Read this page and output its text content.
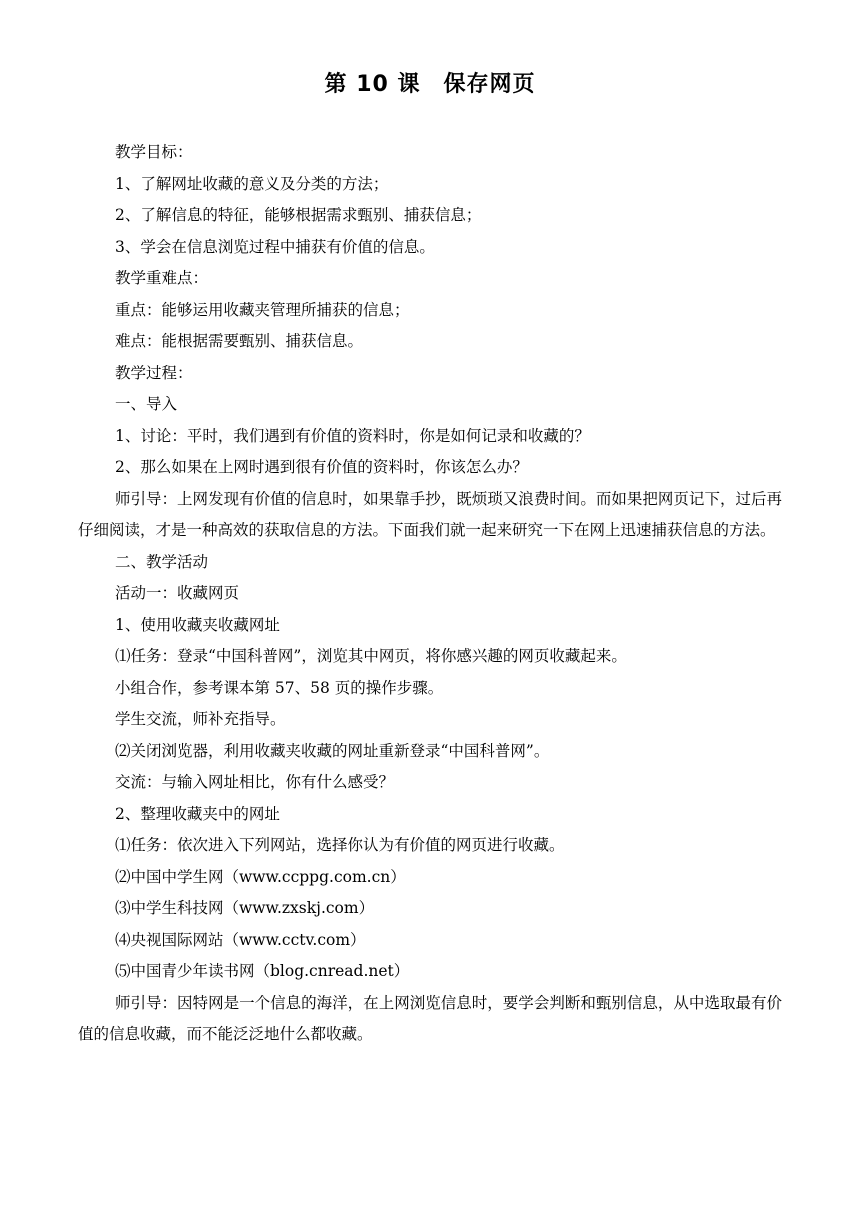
第 10 课　保存网页
教学目标：
1、了解网址收藏的意义及分类的方法；
2、了解信息的特征，能够根据需求甄别、捕获信息；
3、学会在信息浏览过程中捕获有价值的信息。
教学重难点：
重点：能够运用收藏夹管理所捕获的信息；
难点：能根据需要甄别、捕获信息。
教学过程：
一、导入
1、讨论：平时，我们遇到有价值的资料时，你是如何记录和收藏的？
2、那么如果在上网时遇到很有价值的资料时，你该怎么办？
师引导：上网发现有价值的信息时，如果靠手抄，既烦琐又浪费时间。而如果把网页记下，过后再仔细阅读，才是一种高效的获取信息的方法。下面我们就一起来研究一下在网上迅速捕获信息的方法。
二、教学活动
活动一：收藏网页
1、使用收藏夹收藏网址
⑴任务：登录“中国科普网”，浏览其中网页，将你感兴趣的网页收藏起来。
小组合作，参考课本第 57、58 页的操作步骤。
学生交流，师补充指导。
⑵关闭浏览器，利用收藏夹收藏的网址重新登录“中国科普网”。
交流：与输入网址相比，你有什么感受？
2、整理收藏夹中的网址
⑴任务：依次进入下列网站，选择你认为有价值的网页进行收藏。
⑵中国中学生网（www.ccppg.com.cn）
⑶中学生科技网（www.zxskj.com）
⑷央视国际网站（www.cctv.com）
⑸中国青少年读书网（blog.cnread.net）
师引导：因特网是一个信息的海洋，在上网浏览信息时，要学会判断和甄别信息，从中选取最有价值的信息收藏，而不能泛泛地什么都收藏。
